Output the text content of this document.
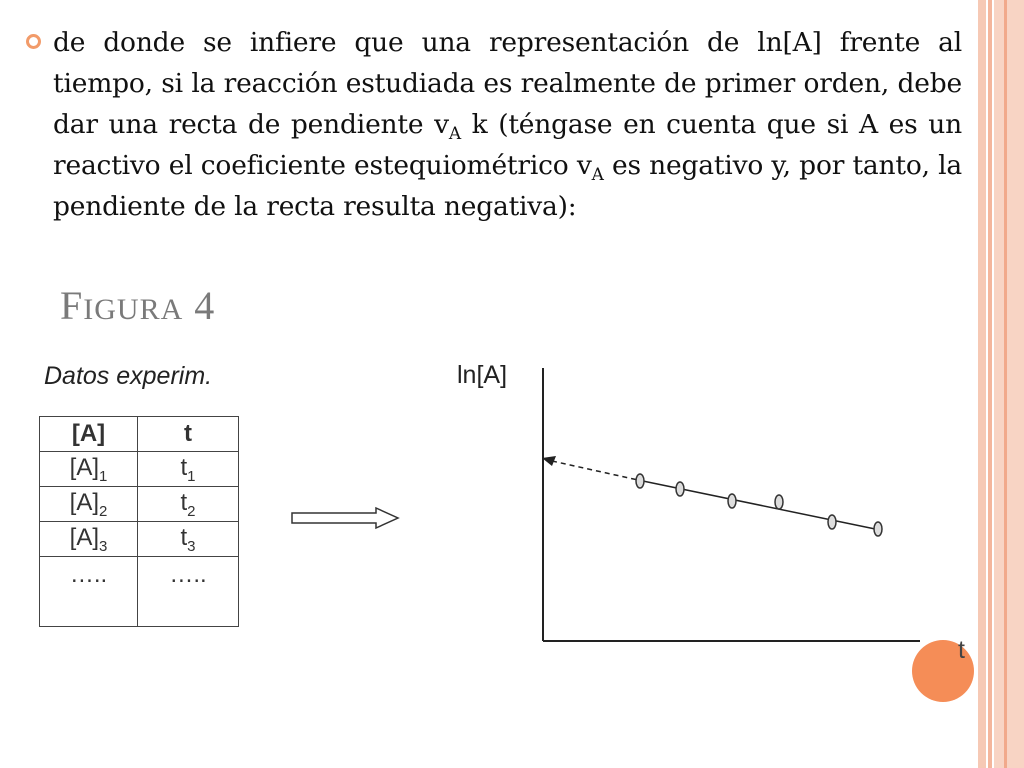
de donde se infiere que una representación de ln[A] frente al tiempo, si la reacción estudiada es realmente de primer orden, debe dar una recta de pendiente $v_A$ k (téngase en cuenta que si A es un reactivo el coeficiente estequiométrico $v_A$ es negativo y, por tanto, la pendiente de la recta resulta negativa):
FIGURA 4
Datos experim.
[A]	t
$[A]_1$	$t_1$
$[A]_2$	$t_2$
$[A]_3$	$t_3$
…..	…..
ln[A]
t
